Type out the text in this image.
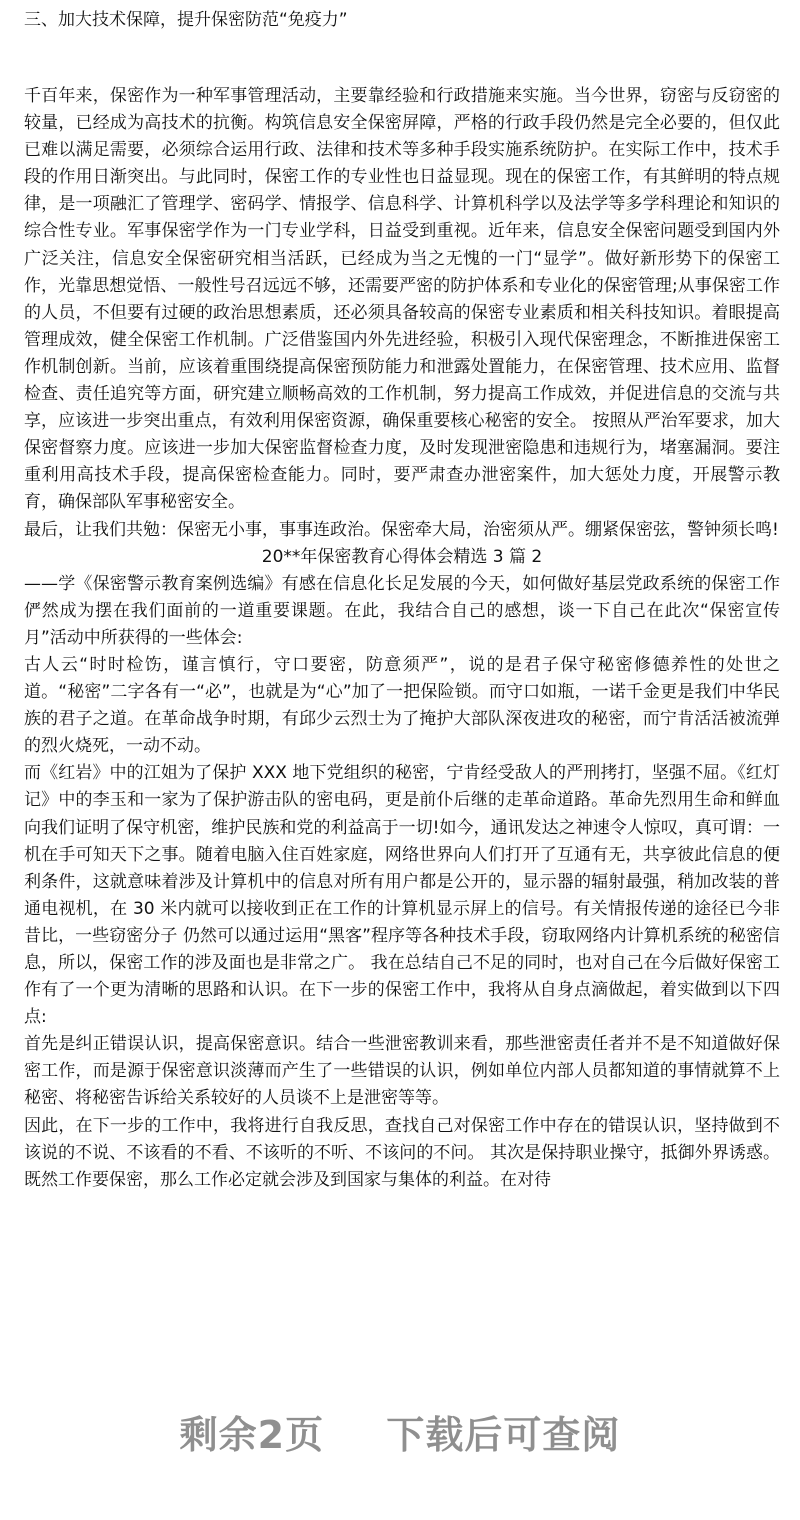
三、加大技术保障，提升保密防范“免疫力”

千百年来，保密作为一种军事管理活动，主要靠经验和行政措施来实施。当今世界，窃密与反窃密的较量，已经成为高技术的抗衡。构筑信息安全保密屏障，严格的行政手段仍然是完全必要的，但仅此已难以满足需要，必须综合运用行政、法律和技术等多种手段实施系统防护。在实际工作中，技术手段的作用日渐突出。与此同时，保密工作的专业性也日益显现。现在的保密工作，有其鲜明的特点规律，是一项融汇了管理学、密码学、情报学、信息科学、计算机科学以及法学等多学科理论和知识的综合性专业。军事保密学作为一门专业学科，日益受到重视。近年来，信息安全保密问题受到国内外广泛关注，信息安全保密研究相当活跃，已经成为当之无愧的一门“显学”。做好新形势下的保密工作，光靠思想觉悟、一般性号召远远不够，还需要严密的防护体系和专业化的保密管理;从事保密工作的人员，不但要有过硬的政治思想素质，还必须具备较高的保密专业素质和相关科技知识。着眼提高管理成效，健全保密工作机制。广泛借鉴国内外先进经验，积极引入现代保密理念，不断推进保密工作机制创新。当前，应该着重围绕提高保密预防能力和泄露处置能力，在保密管理、技术应用、监督检查、责任追究等方面，研究建立顺畅高效的工作机制，努力提高工作成效，并促进信息的交流与共享，应该进一步突出重点，有效利用保密资源，确保重要核心秘密的安全。 按照从严治军要求，加大保密督察力度。应该进一步加大保密监督检查力度，及时发现泄密隐患和违规行为，堵塞漏洞。要注重利用高技术手段，提高保密检查能力。同时，要严肃查办泄密案件，加大惩处力度，开展警示教育，确保部队军事秘密安全。

最后，让我们共勉：保密无小事，事事连政治。保密牵大局，治密须从严。绷紧保密弦，警钟须长鸣!

20**年保密教育心得体会精选 3 篇 2

——学《保密警示教育案例选编》有感在信息化长足发展的今天，如何做好基层党政系统的保密工作俨然成为摆在我们面前的一道重要课题。在此，我结合自己的感想，谈一下自己在此次“保密宣传月”活动中所获得的一些体会:

古人云“时时检饬，谨言慎行，守口要密，防意须严”，说的是君子保守秘密修德养性的处世之道。“秘密”二字各有一“必”，也就是为“心”加了一把保险锁。而守口如瓶，一诺千金更是我们中华民族的君子之道。在革命战争时期，有邱少云烈士为了掩护大部队深夜进攻的秘密，而宁肯活活被流弹的烈火烧死，一动不动。

而《红岩》中的江姐为了保护 XXX 地下党组织的秘密，宁肯经受敌人的严刑拷打，坚强不屈。《红灯记》中的李玉和一家为了保护游击队的密电码，更是前仆后继的走革命道路。革命先烈用生命和鲜血向我们证明了保守机密，维护民族和党的利益高于一切!如今，通讯发达之神速令人惊叹，真可谓：一机在手可知天下之事。随着电脑入住百姓家庭，网络世界向人们打开了互通有无，共享彼此信息的便利条件，这就意味着涉及计算机中的信息对所有用户都是公开的，显示器的辐射最强，稍加改装的普通电视机，在 30 米内就可以接收到正在工作的计算机显示屏上的信号。有关情报传递的途径已今非昔比，一些窃密分子 仍然可以通过运用“黑客”程序等各种技术手段，窃取网络内计算机系统的秘密信息，所以，保密工作的涉及面也是非常之广。 我在总结自己不足的同时，也对自己在今后做好保密工作有了一个更为清晰的思路和认识。在下一步的保密工作中，我将从自身点滴做起，着实做到以下四点:

首先是纠正错误认识，提高保密意识。结合一些泄密教训来看，那些泄密责任者并不是不知道做好保密工作，而是源于保密意识淡薄而产生了一些错误的认识，例如单位内部人员都知道的事情就算不上秘密、将秘密告诉给关系较好的人员谈不上是泄密等等。

因此，在下一步的工作中，我将进行自我反思，查找自己对保密工作中存在的错误认识，坚持做到不该说的不说、不该看的不看、不该听的不听、不该问的不问。 其次是保持职业操守，抵御外界诱惑。既然工作要保密，那么工作必定就会涉及到国家与集体的利益。在对待

剩余2页 下载后可查阅
